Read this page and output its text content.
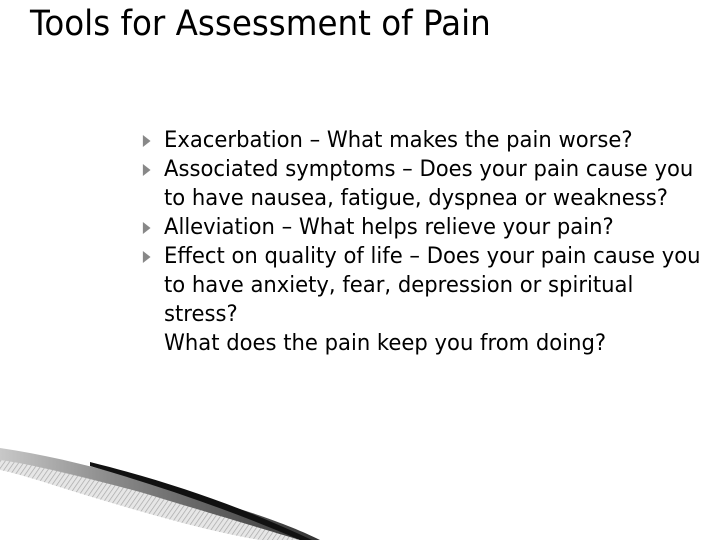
Tools for Assessment of Pain

Exacerbation – What makes the pain worse?

Associated symptoms – Does your pain cause you to have nausea, fatigue, dyspnea or weakness?

Alleviation – What helps relieve your pain?

Effect on quality of life – Does your pain cause you to have anxiety, fear, depression or spiritual stress?

What does the pain keep you from doing?
